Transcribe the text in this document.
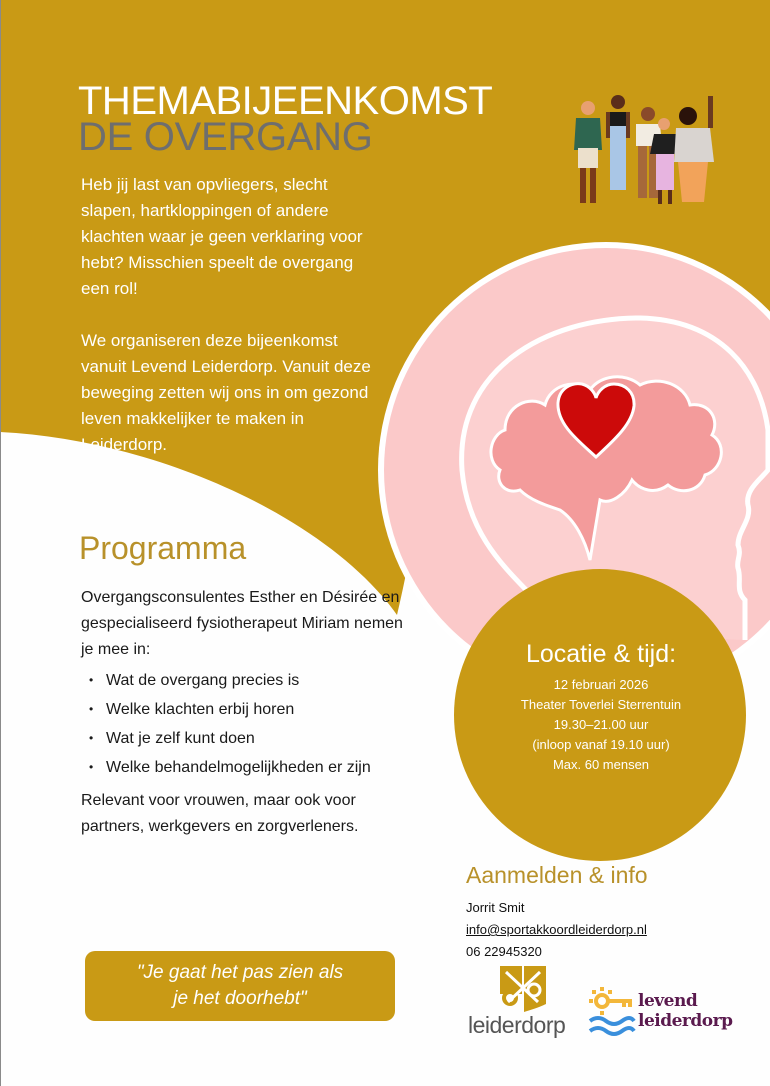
THEMABIJEENKOMST
DE OVERGANG

Heb jij last van opvliegers, slecht slapen, hartkloppingen of andere klachten waar je geen verklaring voor hebt? Misschien speelt de overgang een rol!

We organiseren deze bijeenkomst vanuit Levend Leiderdorp. Vanuit deze beweging zetten wij ons in om gezond leven makkelijker te maken in Leiderdorp.

Programma

Overgangsconsulentes Esther en Désirée en gespecialiseerd fysiotherapeut Miriam nemen je mee in:

• Wat de overgang precies is
• Welke klachten erbij horen
• Wat je zelf kunt doen
• Welke behandelmogelijkheden er zijn

Relevant voor vrouwen, maar ook voor partners, werkgevers en zorgverleners.

"Je gaat het pas zien als
je het doorhebt"
Locatie & tijd:
12 februari 2026
Theater Toverlei Sterrentuin
19.30–21.00 uur
(inloop vanaf 19.10 uur)
Max. 60 mensen
Aanmelden & info
Jorrit Smit
info@sportakkoordleiderdorp.nl
06 22945320
leiderdorp
levend
leiderdorp
